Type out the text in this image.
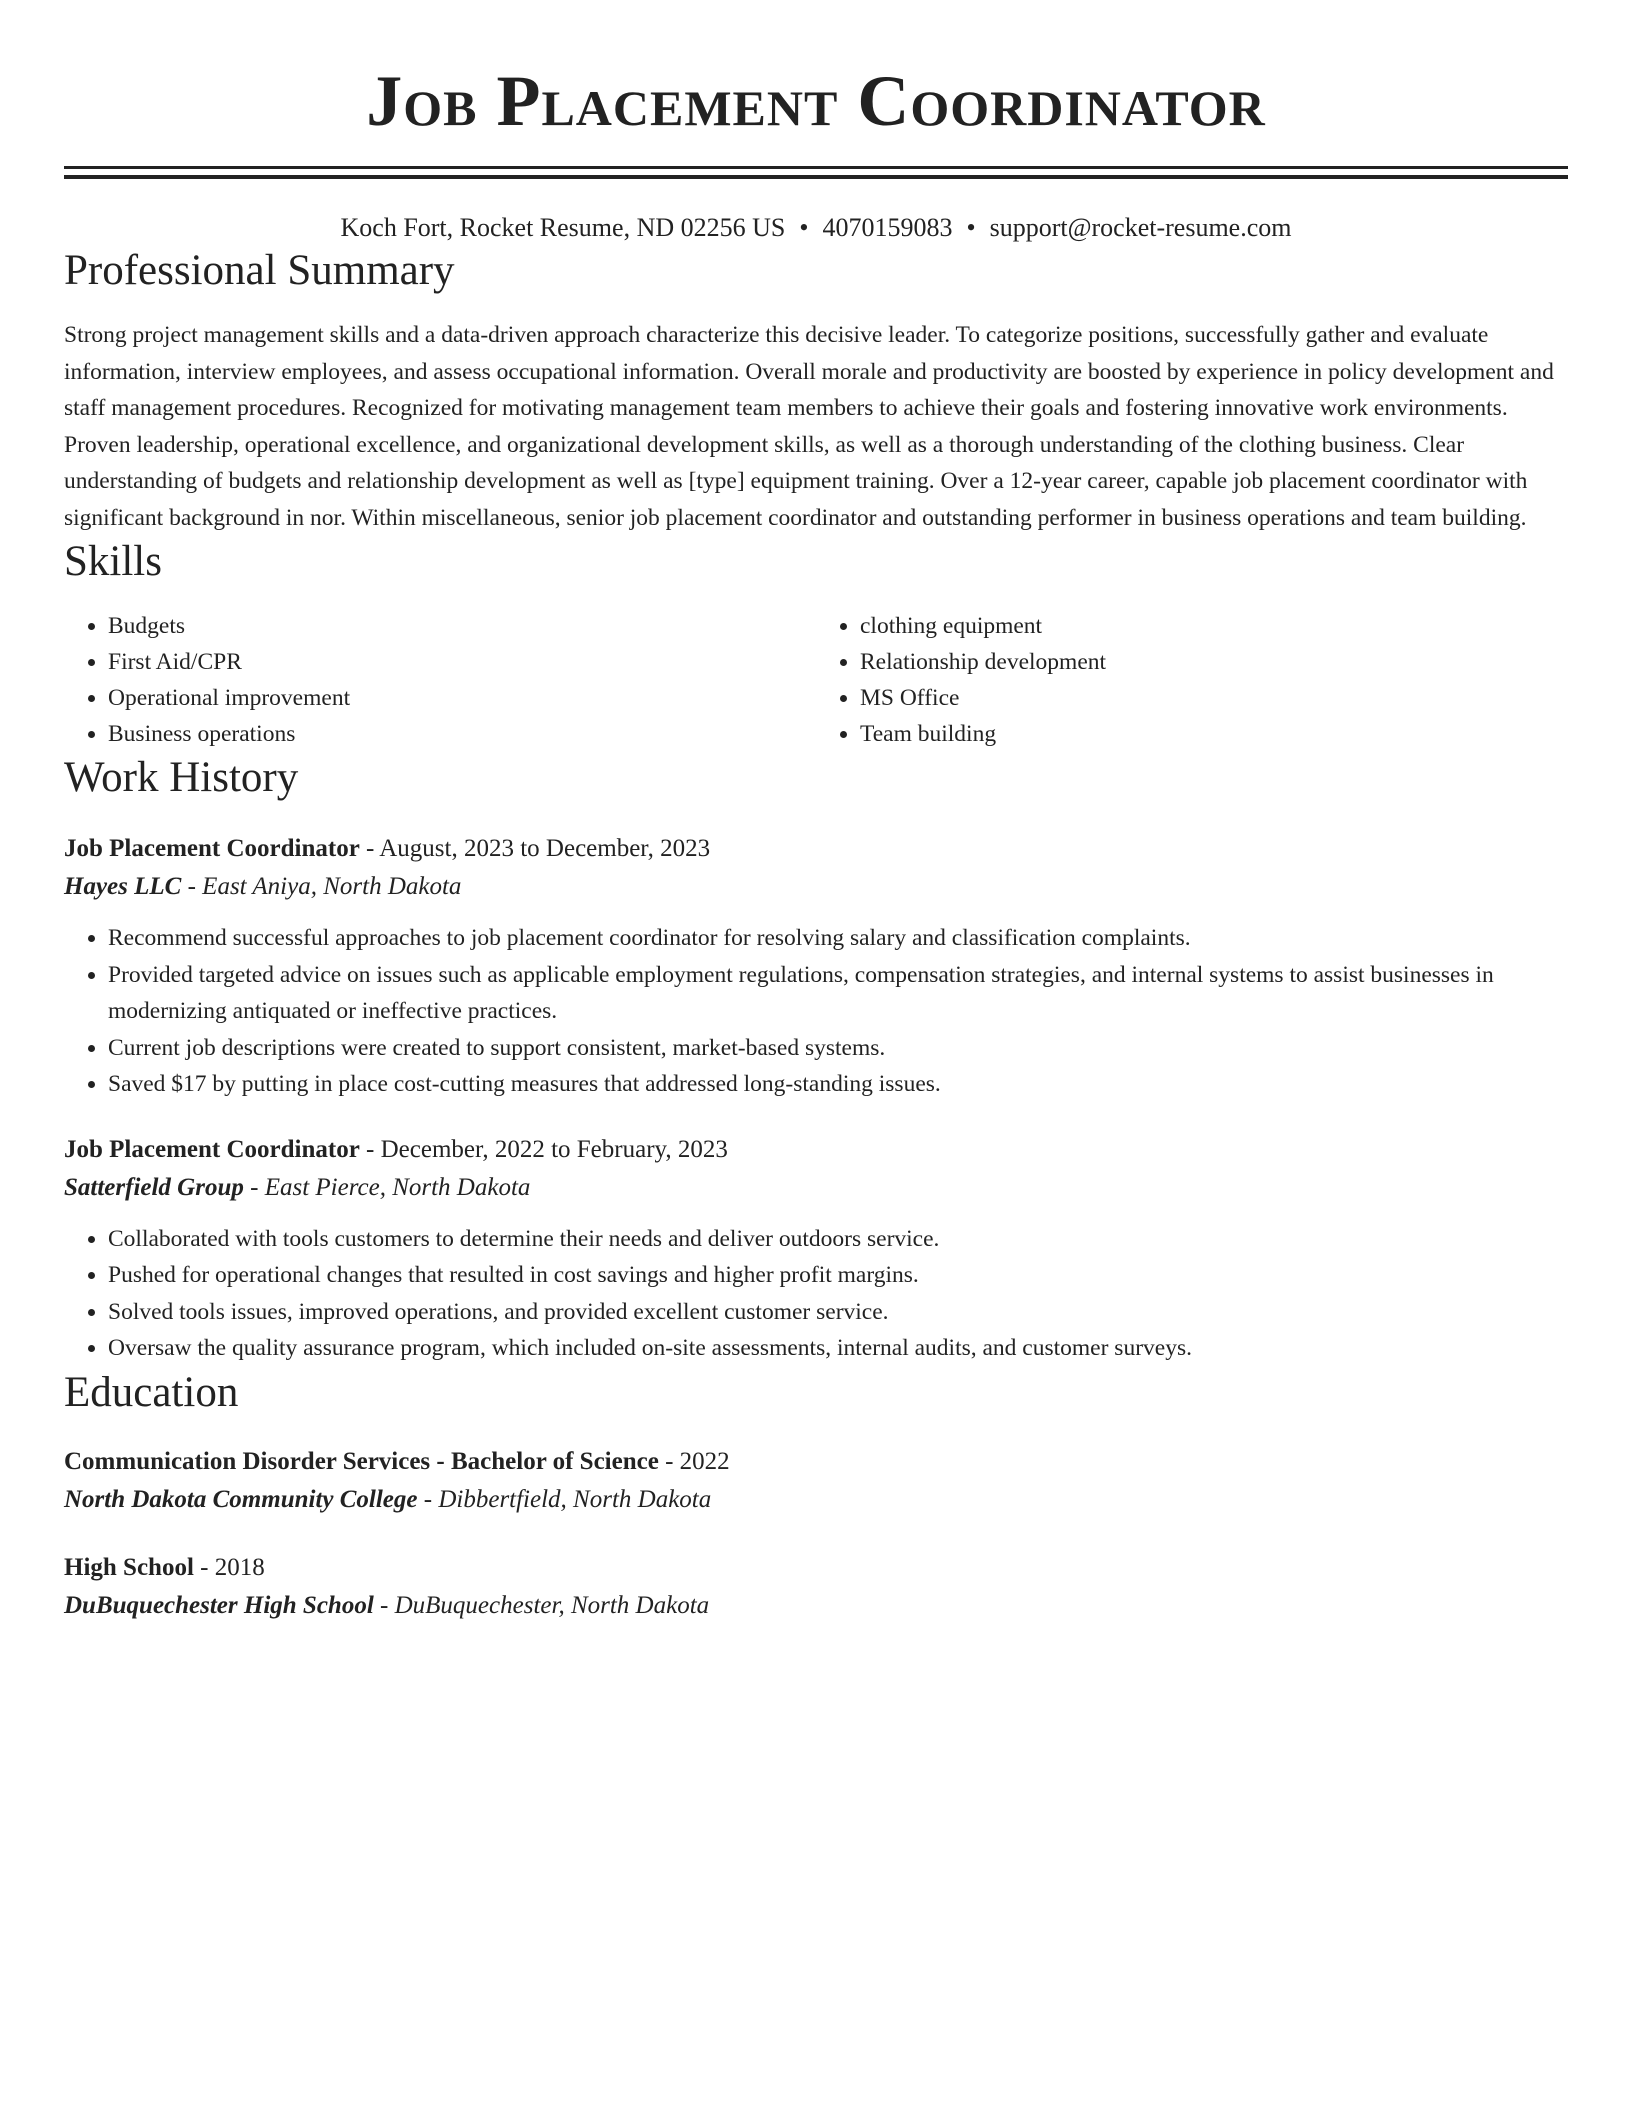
Job Placement Coordinator
Koch Fort, Rocket Resume, ND 02256 US • 4070159083 • support@rocket-resume.com
Professional Summary

Strong project management skills and a data-driven approach characterize this decisive leader. To categorize positions, successfully gather and evaluate information, interview employees, and assess occupational information. Overall morale and productivity are boosted by experience in policy development and staff management procedures. Recognized for motivating management team members to achieve their goals and fostering innovative work environments. Proven leadership, operational excellence, and organizational development skills, as well as a thorough understanding of the clothing business. Clear understanding of budgets and relationship development as well as [type] equipment training. Over a 12-year career, capable job placement coordinator with significant background in nor. Within miscellaneous, senior job placement coordinator and outstanding performer in business operations and team building.

Skills
• Budgets
• First Aid/CPR
• Operational improvement
• Business operations
• clothing equipment
• Relationship development
• MS Office
• Team building
Work History
Job Placement Coordinator - August, 2023 to December, 2023
Hayes LLC - East Aniya, North Dakota
• Recommend successful approaches to job placement coordinator for resolving salary and classification complaints.
• Provided targeted advice on issues such as applicable employment regulations, compensation strategies, and internal systems to assist businesses in modernizing antiquated or ineffective practices.
• Current job descriptions were created to support consistent, market-based systems.
• Saved $17 by putting in place cost-cutting measures that addressed long-standing issues.
Job Placement Coordinator - December, 2022 to February, 2023
Satterfield Group - East Pierce, North Dakota
• Collaborated with tools customers to determine their needs and deliver outdoors service.
• Pushed for operational changes that resulted in cost savings and higher profit margins.
• Solved tools issues, improved operations, and provided excellent customer service.
• Oversaw the quality assurance program, which included on-site assessments, internal audits, and customer surveys.
Education
Communication Disorder Services - Bachelor of Science - 2022
North Dakota Community College - Dibbertfield, North Dakota
High School - 2018
DuBuquechester High School - DuBuquechester, North Dakota
